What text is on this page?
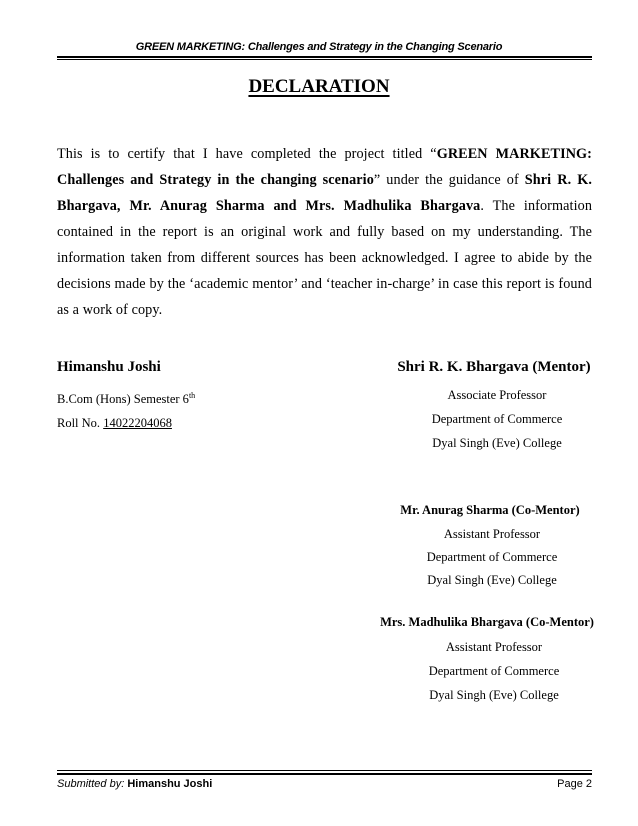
GREEN MARKETING: Challenges and Strategy in the Changing Scenario
DECLARATION
This is to certify that I have completed the project titled “GREEN MARKETING: Challenges and Strategy in the changing scenario” under the guidance of Shri R. K. Bhargava, Mr. Anurag Sharma and Mrs. Madhulika Bhargava. The information contained in the report is an original work and fully based on my understanding. The information taken from different sources has been acknowledged. I agree to abide by the decisions made by the ‘academic mentor’ and ‘teacher in-charge’ in case this report is found as a work of copy.
Himanshu Joshi
B.Com (Hons) Semester 6th
Roll No. 14022204068
Shri R. K. Bhargava (Mentor)
Associate Professor
Department of Commerce
Dyal Singh (Eve) College
Mr. Anurag Sharma (Co-Mentor)
Assistant Professor
Department of Commerce
Dyal Singh (Eve) College
Mrs. Madhulika Bhargava (Co-Mentor)
Assistant Professor
Department of Commerce
Dyal Singh (Eve) College
Submitted by: Himanshu Joshi	Page 2
